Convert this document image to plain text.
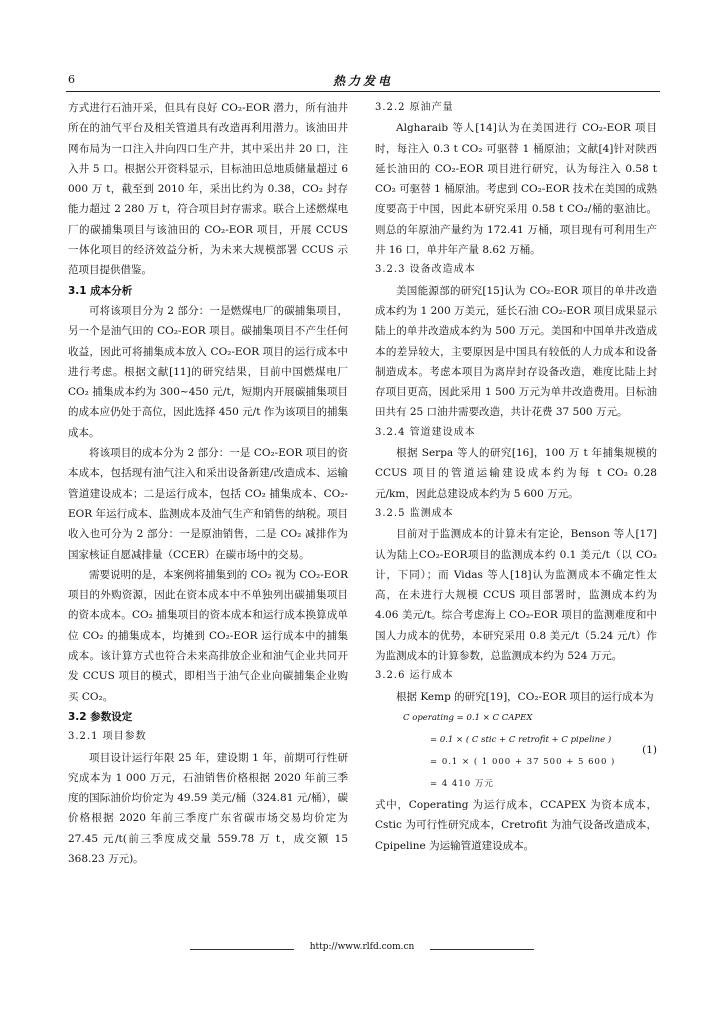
6	热力发电

方式进行石油开采，但具有良好 CO₂-EOR 潜力，所有油井所在的油气平台及相关管道具有改造再利用潜力。该油田井网布局为一口注入井向四口生产井，其中采出井 20 口，注入井 5 口。根据公开资料显示，目标油田总地质储量超过 6 000 万 t，截至到 2010 年，采出比约为 0.38，CO₂ 封存能力超过 2 280 万 t，符合项目封存需求。联合上述燃煤电厂的碳捕集项目与该油田的 CO₂-EOR 项目，开展 CCUS 一体化项目的经济效益分析，为未来大规模部署 CCUS 示范项目提供借鉴。

3.1 成本分析

可将该项目分为 2 部分：一是燃煤电厂的碳捕集项目，另一个是油气田的 CO₂-EOR 项目。碳捕集项目不产生任何收益，因此可将捕集成本放入 CO₂-EOR 项目的运行成本中进行考虑。根据文献[11]的研究结果，目前中国燃煤电厂 CO₂ 捕集成本约为 300~450 元/t，短期内开展碳捕集项目的成本应仍处于高位，因此选择 450 元/t 作为该项目的捕集成本。

将该项目的成本分为 2 部分：一是 CO₂-EOR 项目的资本成本，包括现有油气注入和采出设备新建/改造成本、运输管道建设成本；二是运行成本，包括 CO₂ 捕集成本、CO₂-EOR 年运行成本、监测成本及油气生产和销售的纳税。项目收入也可分为 2 部分：一是原油销售，二是 CO₂ 减排作为国家核证自愿减排量（CCER）在碳市场中的交易。

需要说明的是，本案例将捕集到的 CO₂ 视为 CO₂-EOR 项目的外购资源，因此在资本成本中不单独列出碳捕集项目的资本成本。CO₂ 捕集项目的资本成本和运行成本换算成单位 CO₂ 的捕集成本，均摊到 CO₂-EOR 运行成本中的捕集成本。该计算方式也符合未来高排放企业和油气企业共同开发 CCUS 项目的模式，即相当于油气企业向碳捕集企业购买 CO₂。

3.2 参数设定
3.2.1 项目参数

项目设计运行年限 25 年，建设期 1 年，前期可行性研究成本为 1 000 万元，石油销售价格根据 2020 年前三季度的国际油价均价定为 49.59 美元/桶（324.81 元/桶），碳价格根据 2020 年前三季度广东省碳市场交易均价定为 27.45 元/t(前三季度成交量 559.78 万 t，成交额 15 368.23 万元)。

3.2.2 原油产量

Algharaib 等人[14]认为在美国进行 CO₂-EOR 项目时，每注入 0.3 t CO₂ 可驱替 1 桶原油；文献[4]针对陕西延长油田的 CO₂-EOR 项目进行研究，认为每注入 0.58 t CO₂ 可驱替 1 桶原油。考虑到 CO₂-EOR 技术在美国的成熟度要高于中国，因此本研究采用 0.58 t CO₂/桶的驱油比。则总的年原油产量约为 172.41 万桶，项目现有可利用生产井 16 口，单井年产量 8.62 万桶。

3.2.3 设备改造成本

美国能源部的研究[15]认为 CO₂-EOR 项目的单井改造成本约为 1 200 万美元，延长石油 CO₂-EOR 项目成果显示陆上的单井改造成本约为 500 万元。美国和中国单井改造成本的差异较大，主要原因是中国具有较低的人力成本和设备制造成本。考虑本项目为离岸封存设备改造，难度比陆上封存项目更高，因此采用 1 500 万元为单井改造费用。目标油田共有 25 口油井需要改造，共计花费 37 500 万元。

3.2.4 管道建设成本

根据 Serpa 等人的研究[16]，100 万 t 年捕集规模的 CCUS 项目的管道运输建设成本约为每 t CO₂ 0.28 元/km，因此总建设成本约为 5 600 万元。

3.2.5 监测成本

目前对于监测成本的计算未有定论，Benson 等人[17]认为陆上CO₂-EOR项目的监测成本约 0.1 美元/t（以 CO₂ 计，下同）；而 Vidas 等人[18]认为监测成本不确定性太高，在未进行大规模 CCUS 项目部署时，监测成本约为 4.06 美元/t。综合考虑海上 CO₂-EOR 项目的监测难度和中国人力成本的优势，本研究采用 0.8 美元/t（5.24 元/t）作为监测成本的计算参数，总监测成本约为 524 万元。

3.2.6 运行成本

根据 Kemp 的研究[19]，CO₂-EOR 项目的运行成本为

C operating = 0.1 × C CAPEX
= 0.1 × ( C stic + C retrofit + C pipeline )
= 0.1 × ( 1 000 + 37 500 + 5 600 )
= 4 410 万元
(1)

式中，Coperating 为运行成本，CCAPEX 为资本成本，Cstic 为可行性研究成本，Cretrofit 为油气设备改造成本，Cpipeline 为运输管道建设成本。

http://www.rlfd.com.cn
